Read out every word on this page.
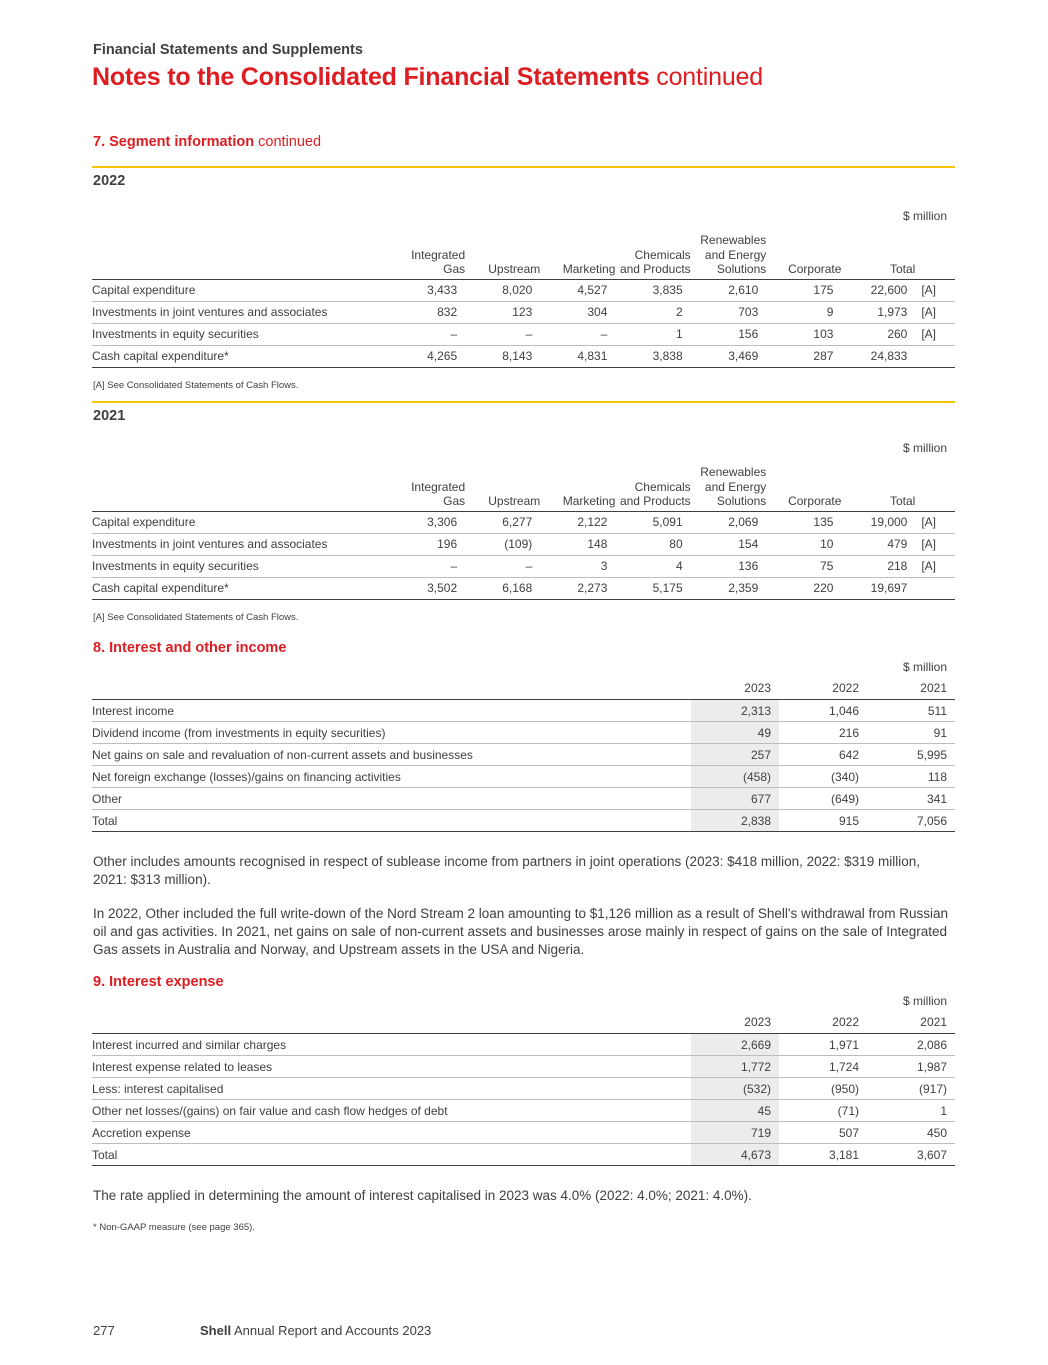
Financial Statements and Supplements
Notes to the Consolidated Financial Statements continued
7. Segment information continued
2022
$ million
	Integrated Gas	Upstream	Marketing	Chemicals and Products	Renewables and Energy Solutions	Corporate	Total	
Capital expenditure	3,433	8,020	4,527	3,835	2,610	175	22,600	[A]
Investments in joint ventures and associates	832	123	304	2	703	9	1,973	[A]
Investments in equity securities	–	–	–	1	156	103	260	[A]
Cash capital expenditure*	4,265	8,143	4,831	3,838	3,469	287	24,833	
[A] See Consolidated Statements of Cash Flows.
2021
$ million
	Integrated Gas	Upstream	Marketing	Chemicals and Products	Renewables and Energy Solutions	Corporate	Total	
Capital expenditure	3,306	6,277	2,122	5,091	2,069	135	19,000	[A]
Investments in joint ventures and associates	196	(109)	148	80	154	10	479	[A]
Investments in equity securities	–	–	3	4	136	75	218	[A]
Cash capital expenditure*	3,502	6,168	2,273	5,175	2,359	220	19,697	
[A] See Consolidated Statements of Cash Flows.
8. Interest and other income
$ million
	2023	2022	2021
Interest income	2,313	1,046	511
Dividend income (from investments in equity securities)	49	216	91
Net gains on sale and revaluation of non-current assets and businesses	257	642	5,995
Net foreign exchange (losses)/gains on financing activities	(458)	(340)	118
Other	677	(649)	341
Total	2,838	915	7,056
Other includes amounts recognised in respect of sublease income from partners in joint operations (2023: $418 million, 2022: $319 million, 2021: $313 million).
In 2022, Other included the full write-down of the Nord Stream 2 loan amounting to $1,126 million as a result of Shell's withdrawal from Russian oil and gas activities. In 2021, net gains on sale of non-current assets and businesses arose mainly in respect of gains on the sale of Integrated Gas assets in Australia and Norway, and Upstream assets in the USA and Nigeria.
9. Interest expense
$ million
	2023	2022	2021
Interest incurred and similar charges	2,669	1,971	2,086
Interest expense related to leases	1,772	1,724	1,987
Less: interest capitalised	(532)	(950)	(917)
Other net losses/(gains) on fair value and cash flow hedges of debt	45	(71)	1
Accretion expense	719	507	450
Total	4,673	3,181	3,607
The rate applied in determining the amount of interest capitalised in 2023 was 4.0% (2022: 4.0%; 2021: 4.0%).
* Non-GAAP measure (see page 365).
277	Shell Annual Report and Accounts 2023
